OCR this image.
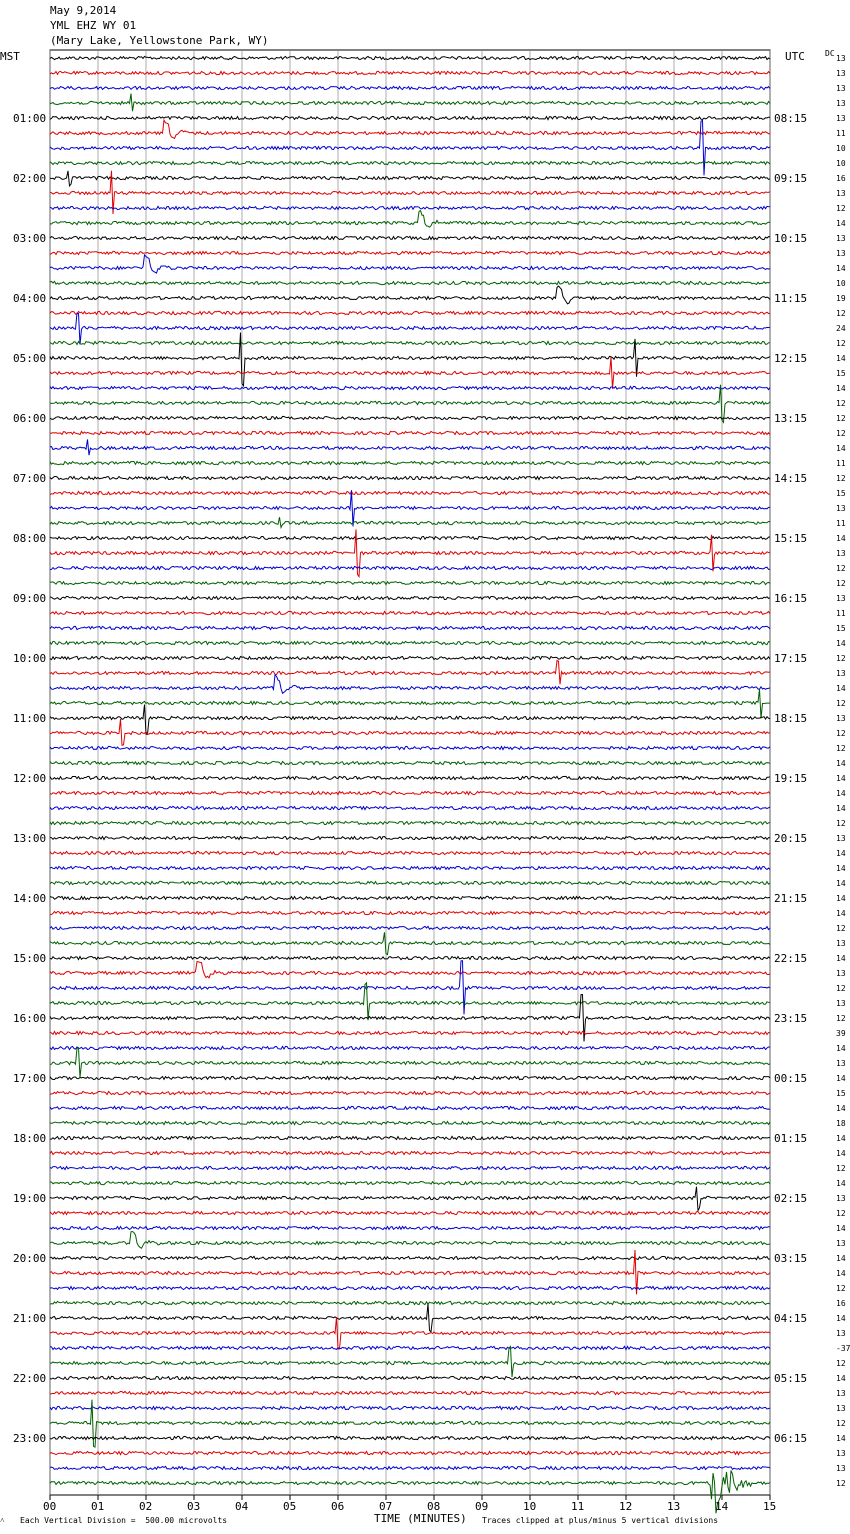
May 9,2014
YML EHZ WY 01
(Mary Lake, Yellowstone Park, WY)
MST	UTC	DC
01:00
02:00
03:00
04:00
05:00
06:00
07:00
08:00
09:00
10:00
11:00
12:00
13:00
14:00
15:00
16:00
17:00
18:00
19:00
20:00
21:00
22:00
23:00
08:15
09:15
10:15
11:15
12:15
13:15
14:15
15:15
16:15
17:15
18:15
19:15
20:15
21:15
22:15
23:15
00:15
01:15
02:15
03:15
04:15
05:15
06:15
13
13
13
13
13
11
10
10
16
13
12
14
13
13
14
10
19
12
24
12
14
15
14
12
12
12
14
11
12
15
13
11
14
13
12
12
13
11
15
14
12
13
14
12
13
12
12
14
14
14
14
12
13
14
14
14
14
14
12
13
14
13
12
13
12
39
14
13
14
15
14
18
14
14
12
14
13
12
14
13
14
14
12
16
14
13
-37
12
14
13
13
12
14
13
13
12
00	01	02	03	04	05	06	07	08	09	10	11	12	13	14	15
˄ Each Vertical Division =  500.00 microvolts	TIME (MINUTES) Traces clipped at plus/minus 5 vertical divisions
